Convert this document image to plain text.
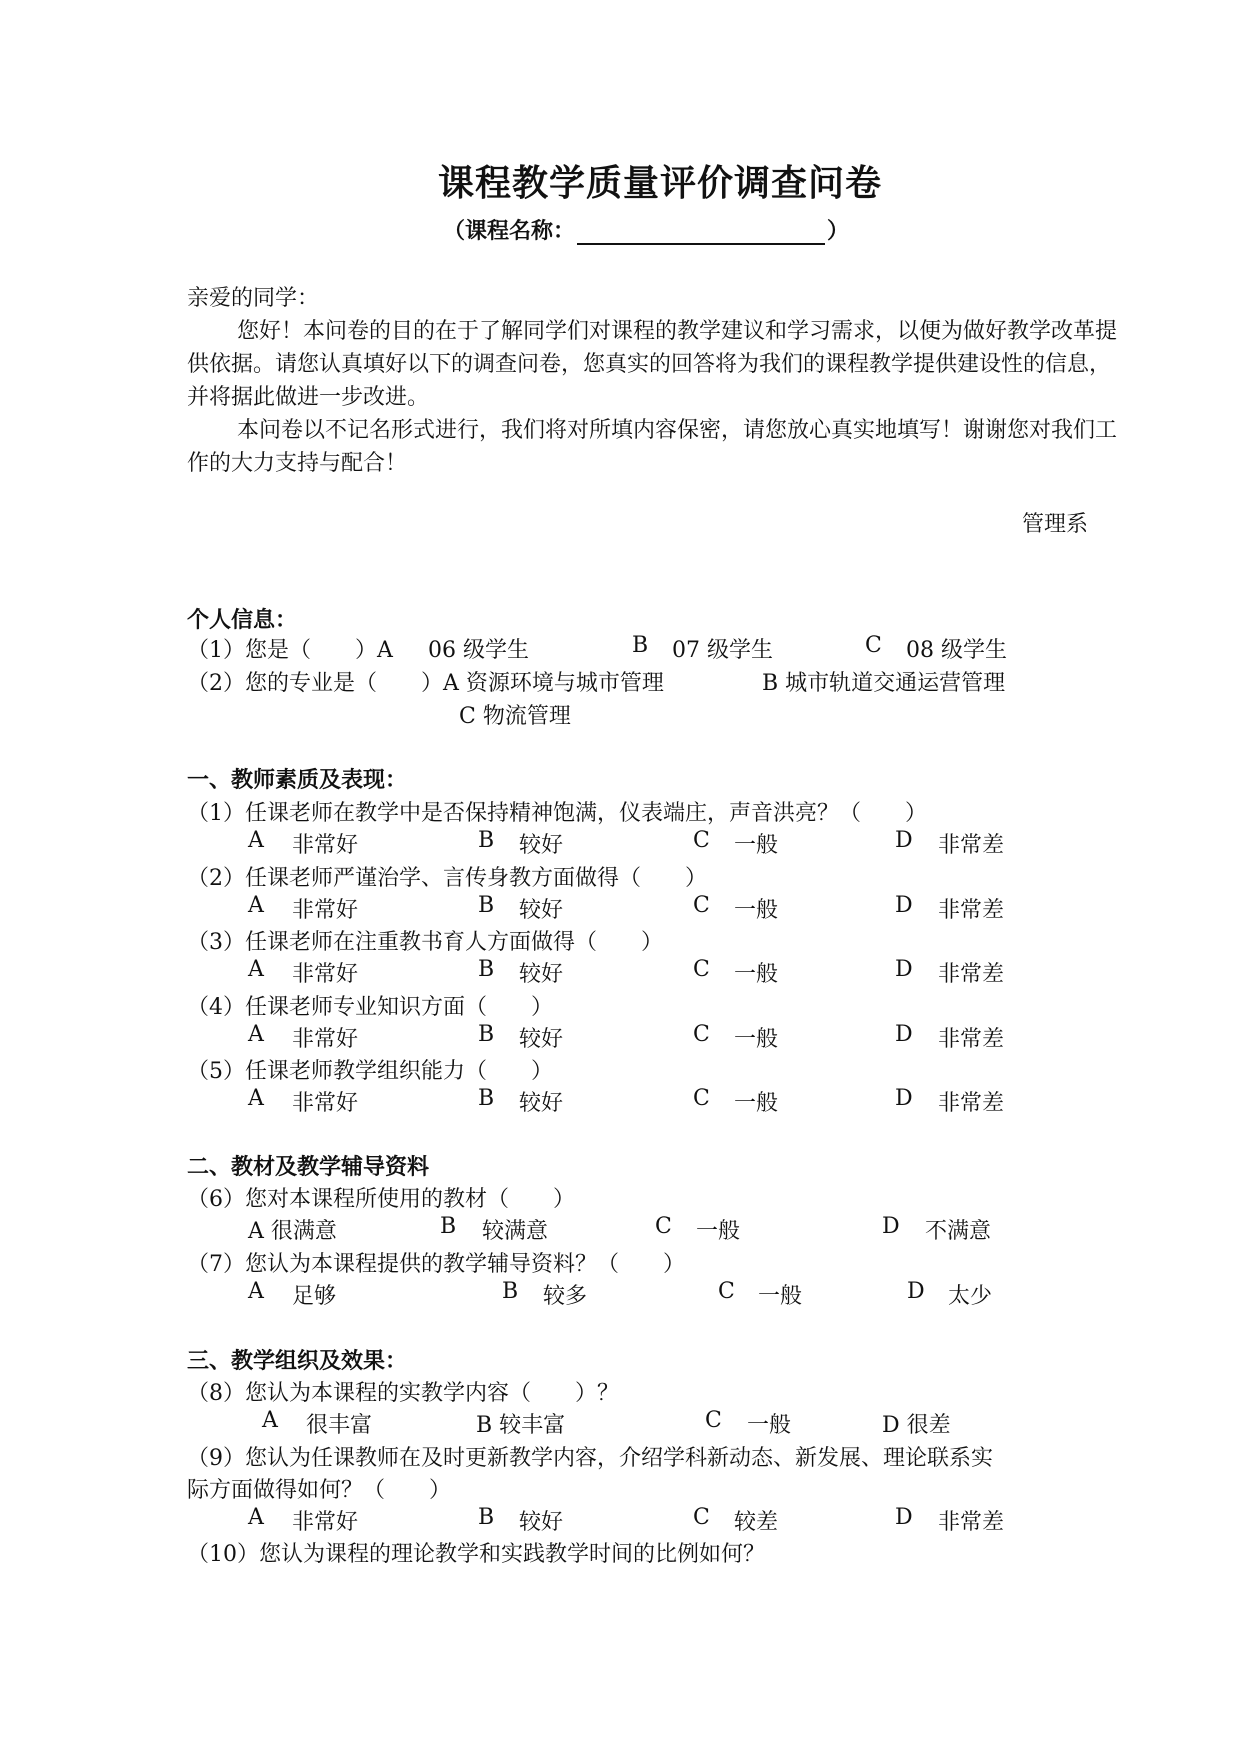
课程教学质量评价调查问卷
（课程名称：	）

亲爱的同学：

您好！本问卷的目的在于了解同学们对课程的教学建议和学习需求，以便为做好教学改革提供依据。请您认真填好以下的调查问卷，您真实的回答将为我们的课程教学提供建设性的信息，并将据此做进一步改进。

本问卷以不记名形式进行，我们将对所填内容保密，请您放心真实地填写！谢谢您对我们工作的大力支持与配合！

管理系
个人信息：
（1）您是（　　）A 06 级学生	B 07 级学生	C 08 级学生
（2）您的专业是（　　）A 资源环境与城市管理	B 城市轨道交通运营管理
C 物流管理
一、教师素质及表现：
（1）任课老师在教学中是否保持精神饱满，仪表端庄，声音洪亮？（　　）
A 非常好	B 较好	C 一般	D 非常差
（2）任课老师严谨治学、言传身教方面做得（　　）
A 非常好	B 较好	C 一般	D 非常差
（3）任课老师在注重教书育人方面做得（　　）
A 非常好	B 较好	C 一般	D 非常差
（4）任课老师专业知识方面（　　）
A 非常好	B 较好	C 一般	D 非常差
（5）任课老师教学组织能力（　　）
A 非常好	B 较好	C 一般	D 非常差
二、教材及教学辅导资料
（6）您对本课程所使用的教材（　　）
A 很满意	B 较满意	C 一般	D 不满意
（7）您认为本课程提供的教学辅导资料？（　　）
A 足够	B 较多	C 一般	D 太少
三、教学组织及效果：
（8）您认为本课程的实教学内容（　　）？
A 很丰富	B 较丰富	C 一般	D 很差
（9）您认为任课教师在及时更新教学内容，介绍学科新动态、新发展、理论联系实
际方面做得如何？（　　）
A 非常好	B 较好	C 较差	D 非常差
（10）您认为课程的理论教学和实践教学时间的比例如何？
